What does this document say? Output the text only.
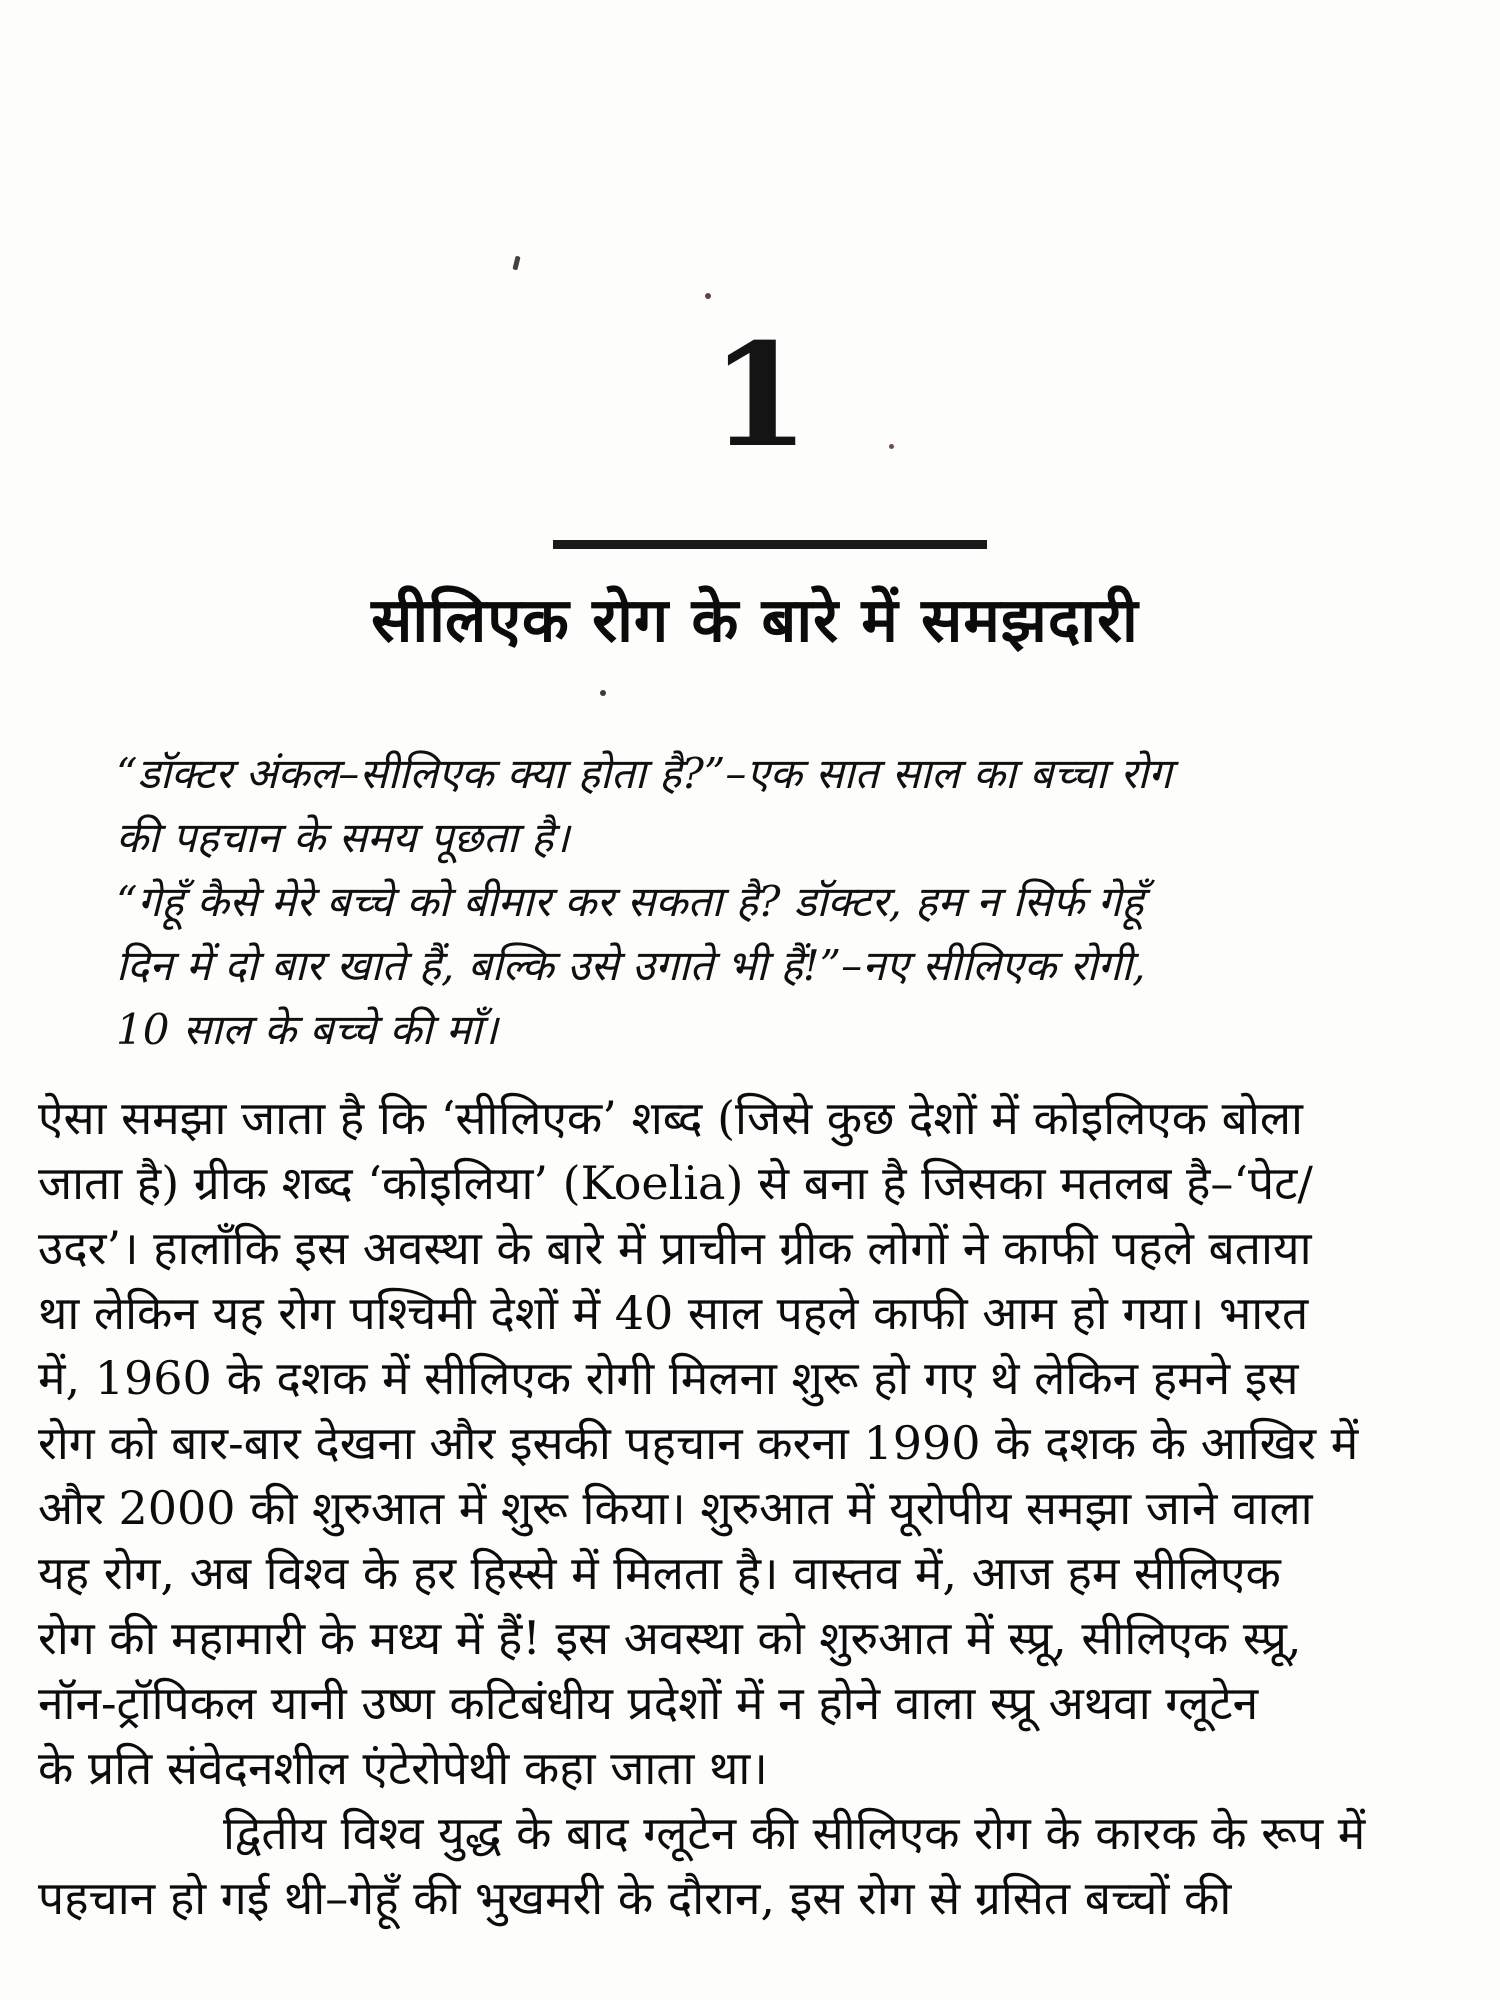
1
सीलिएक रोग के बारे में समझदारी
“डॉक्टर अंकल–सीलिएक क्या होता है?”–एक सात साल का बच्चा रोग
की पहचान के समय पूछता है।
“गेहूँ कैसे मेरे बच्चे को बीमार कर सकता है? डॉक्टर, हम न सिर्फ गेहूँ
दिन में दो बार खाते हैं, बल्कि उसे उगाते भी हैं!”–नए सीलिएक रोगी,
10 साल के बच्चे की माँ।
ऐसा समझा जाता है कि ‘सीलिएक’ शब्द (जिसे कुछ देशों में कोइलिएक बोला
जाता है) ग्रीक शब्द ‘कोइलिया’ (Koelia) से बना है जिसका मतलब है–‘पेट/
उदर’। हालाँकि इस अवस्था के बारे में प्राचीन ग्रीक लोगों ने काफी पहले बताया
था लेकिन यह रोग पश्चिमी देशों में 40 साल पहले काफी आम हो गया। भारत
में, 1960 के दशक में सीलिएक रोगी मिलना शुरू हो गए थे लेकिन हमने इस
रोग को बार-बार देखना और इसकी पहचान करना 1990 के दशक के आखिर में
और 2000 की शुरुआत में शुरू किया। शुरुआत में यूरोपीय समझा जाने वाला
यह रोग, अब विश्व के हर हिस्से में मिलता है। वास्तव में, आज हम सीलिएक
रोग की महामारी के मध्य में हैं! इस अवस्था को शुरुआत में स्प्रू, सीलिएक स्प्रू,
नॉन-ट्रॉपिकल यानी उष्ण कटिबंधीय प्रदेशों में न होने वाला स्प्रू अथवा ग्लूटेन
के प्रति संवेदनशील एंटेरोपेथी कहा जाता था।
द्वितीय विश्व युद्ध के बाद ग्लूटेन की सीलिएक रोग के कारक के रूप में
पहचान हो गई थी–गेहूँ की भुखमरी के दौरान, इस रोग से ग्रसित बच्चों की
